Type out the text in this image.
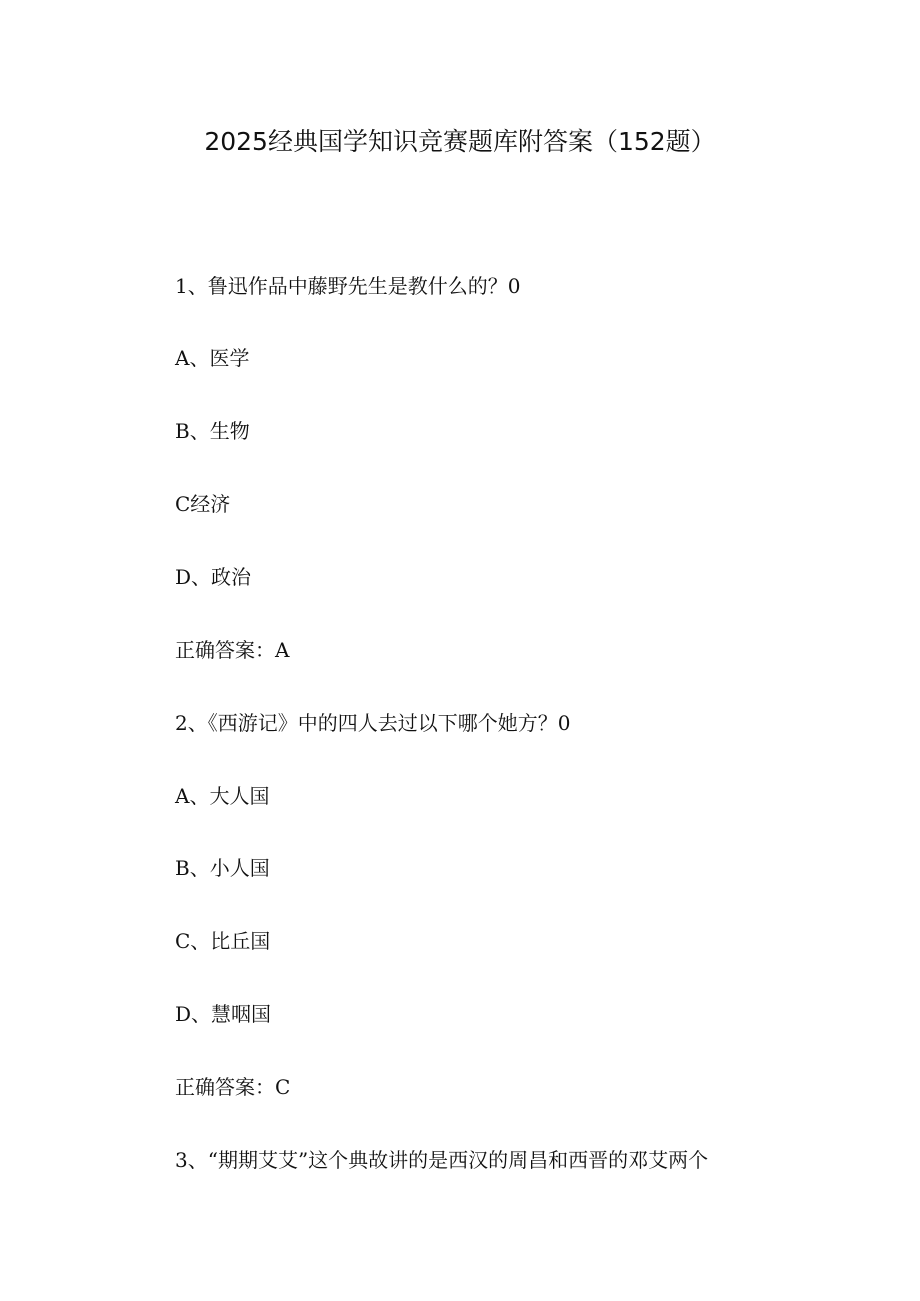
2025经典国学知识竞赛题库附答案（152题）
1、鲁迅作品中藤野先生是教什么的？0
A、医学
B、生物
C经济
D、政治
正确答案：A
2、《西游记》中的四人去过以下哪个她方？0
A、大人国
B、小人国
C、比丘国
D、慧咽国
正确答案：C
3、“期期艾艾”这个典故讲的是西汉的周昌和西晋的邓艾两个
